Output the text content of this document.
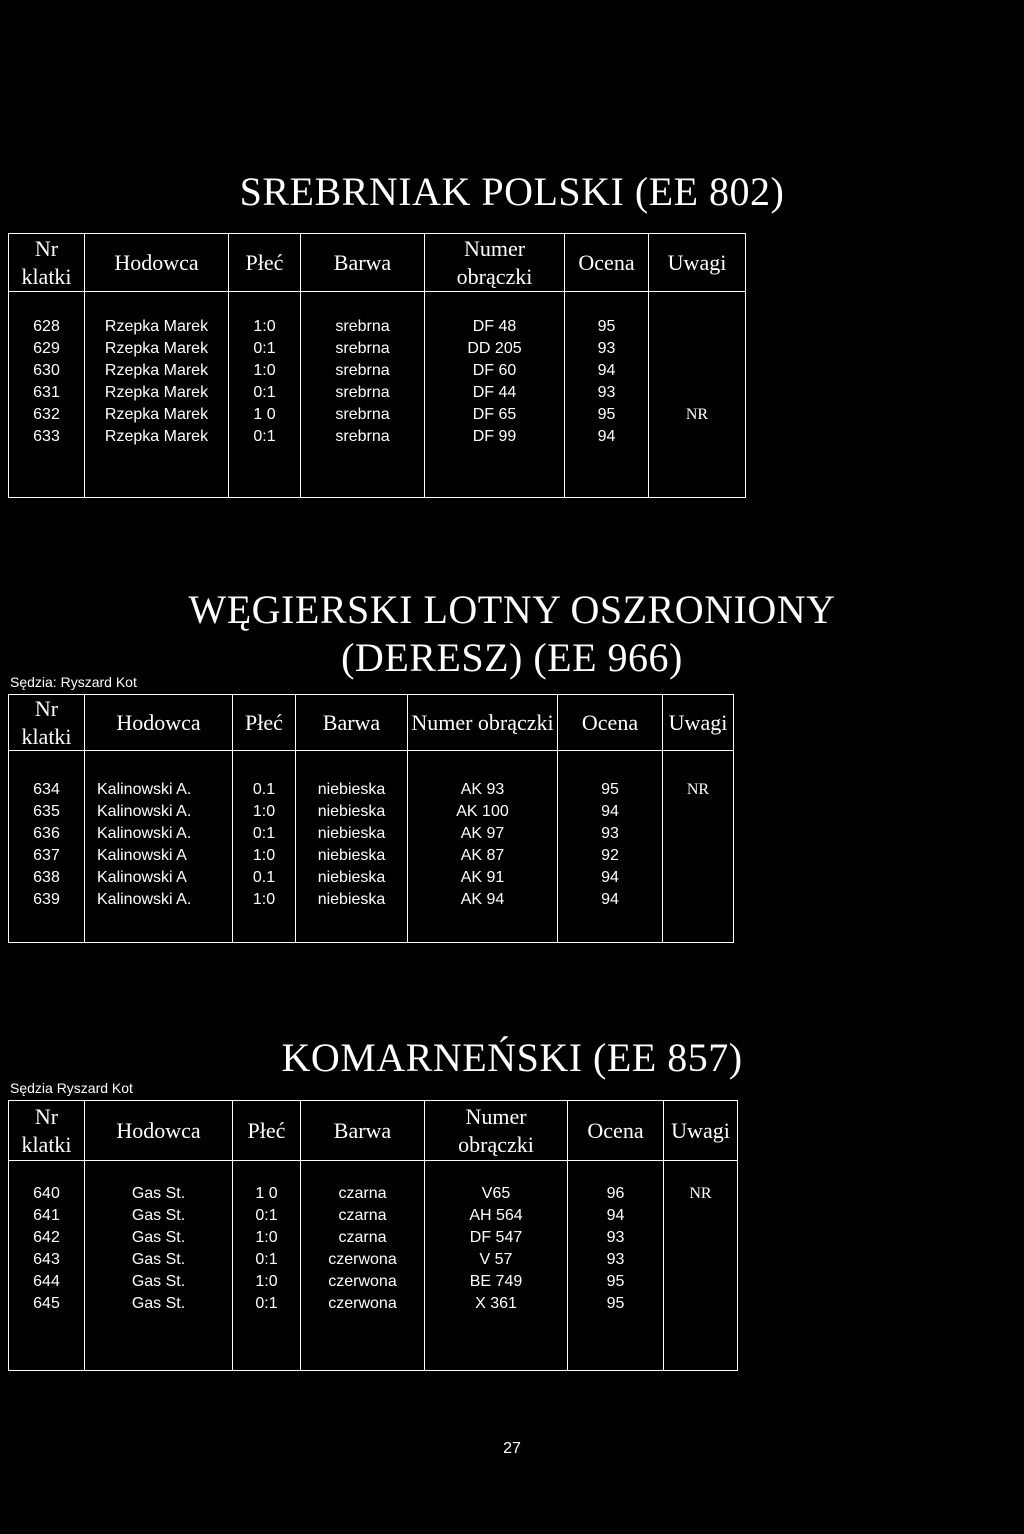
SREBRNIAK POLSKI (EE 802)
Nr klatki	Hodowca	Płeć	Barwa	Numer obrączki	Ocena	Uwagi

628	Rzepka Marek	1:0	srebrna	DF 48	95	
629	Rzepka Marek	0:1	srebrna	DD 205	93	
630	Rzepka Marek	1:0	srebrna	DF 60	94	
631	Rzepka Marek	0:1	srebrna	DF 44	93	
632	Rzepka Marek	1 0	srebrna	DF 65	95	NR
633	Rzepka Marek	0:1	srebrna	DF 99	94	

WĘGIERSKI LOTNY OSZRONIONY
(DERESZ) (EE 966)
Sędzia: Ryszard Kot
Nr klatki	Hodowca	Płeć	Barwa	Numer obrączki	Ocena	Uwagi

634	Kalinowski A.	0.1	niebieska	AK 93	95	NR
635	Kalinowski A.	1:0	niebieska	AK 100	94	
636	Kalinowski A.	0:1	niebieska	AK 97	93	
637	Kalinowski A	1:0	niebieska	AK 87	92	
638	Kalinowski A	0.1	niebieska	AK 91	94	
639	Kalinowski A.	1:0	niebieska	AK 94	94	

KOMARNEŃSKI (EE 857)
Sędzia Ryszard Kot
Nr klatki	Hodowca	Płeć	Barwa	Numer obrączki	Ocena	Uwagi

640	Gas St.	1 0	czarna	V65	96	NR
641	Gas St.	0:1	czarna	AH 564	94	
642	Gas St.	1:0	czarna	DF 547	93	
643	Gas St.	0:1	czerwona	V 57	93	
644	Gas St.	1:0	czerwona	BE 749	95	
645	Gas St.	0:1	czerwona	X 361	95	

27
